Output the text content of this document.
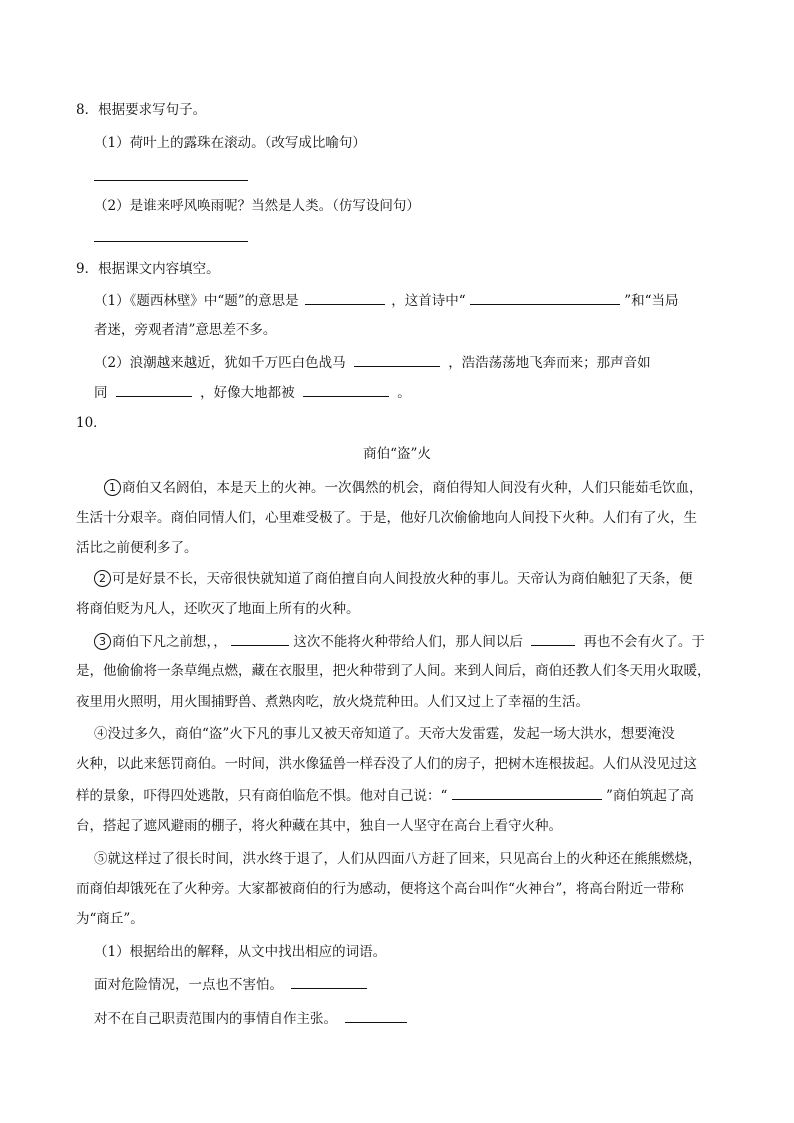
8．根据要求写句子。
（1）荷叶上的露珠在滚动。（改写成比喻句）
（2）是谁来呼风唤雨呢？当然是人类。（仿写设问句）
9．根据课文内容填空。
（1）《题西林壁》中“题”的意思是	，这首诗中“	”和“当局
者迷，旁观者清”意思差不多。
（2）浪潮越来越近，犹如千万匹白色战马	，浩浩荡荡地飞奔而来；那声音如
同	，好像大地都被	。
10．
商伯“盗”火
1 商伯又名阏伯，本是天上的火神。一次偶然的机会，商伯得知人间没有火种，人们只能茹毛饮血，
生活十分艰辛。商伯同情人们，心里难受极了。于是，他好几次偷偷地向人间投下火种。人们有了火，生
活比之前便利多了。
2 可是好景不长，天帝很快就知道了商伯擅自向人间投放火种的事儿。天帝认为商伯触犯了天条，便
将商伯贬为凡人，还吹灭了地面上所有的火种。
3 商伯下凡之前想，，	这次不能将火种带给人们，那人间以后	再也不会有火了。于
是，他偷偷将一条草绳点燃，藏在衣服里，把火种带到了人间。来到人间后，商伯还教人们冬天用火取暖，
夜里用火照明，用火围捕野兽、煮熟肉吃，放火烧荒种田。人们又过上了幸福的生活。
④没过多久，商伯“盗”火下凡的事儿又被天帝知道了。天帝大发雷霆，发起一场大洪水，想要淹没
火种，以此来惩罚商伯。一时间，洪水像猛兽一样吞没了人们的房子，把树木连根拔起。人们从没见过这
样的景象，吓得四处逃散，只有商伯临危不惧。他对自己说：“	”商伯筑起了高
台，搭起了遮风避雨的棚子，将火种藏在其中，独自一人坚守在高台上看守火种。
⑤就这样过了很长时间，洪水终于退了，人们从四面八方赶了回来，只见高台上的火种还在熊熊燃烧，
而商伯却饿死在了火种旁。大家都被商伯的行为感动，便将这个高台叫作“火神台”，将高台附近一带称
为“商丘”。
（1）根据给出的解释，从文中找出相应的词语。
面对危险情况，一点也不害怕。
对不在自己职责范围内的事情自作主张。
